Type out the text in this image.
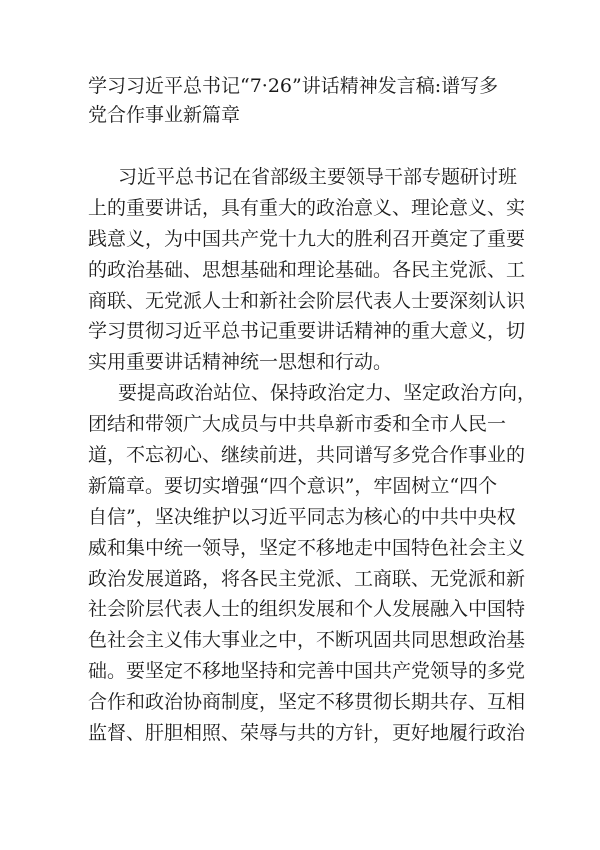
学习习近平总书记“7·26”讲话精神发言稿:谱写多
党合作事业新篇章
习近平总书记在省部级主要领导干部专题研讨班
上的重要讲话，具有重大的政治意义、理论意义、实
践意义，为中国共产党十九大的胜利召开奠定了重要
的政治基础、思想基础和理论基础。各民主党派、工
商联、无党派人士和新社会阶层代表人士要深刻认识
学习贯彻习近平总书记重要讲话精神的重大意义，切
实用重要讲话精神统一思想和行动。
要提高政治站位、保持政治定力、坚定政治方向，
团结和带领广大成员与中共阜新市委和全市人民一
道，不忘初心、继续前进，共同谱写多党合作事业的
新篇章。要切实增强“四个意识”，牢固树立“四个
自信”，坚决维护以习近平同志为核心的中共中央权
威和集中统一领导，坚定不移地走中国特色社会主义
政治发展道路，将各民主党派、工商联、无党派和新
社会阶层代表人士的组织发展和个人发展融入中国特
色社会主义伟大事业之中，不断巩固共同思想政治基
础。要坚定不移地坚持和完善中国共产党领导的多党
合作和政治协商制度，坚定不移贯彻长期共存、互相
监督、肝胆相照、荣辱与共的方针，更好地履行政治
